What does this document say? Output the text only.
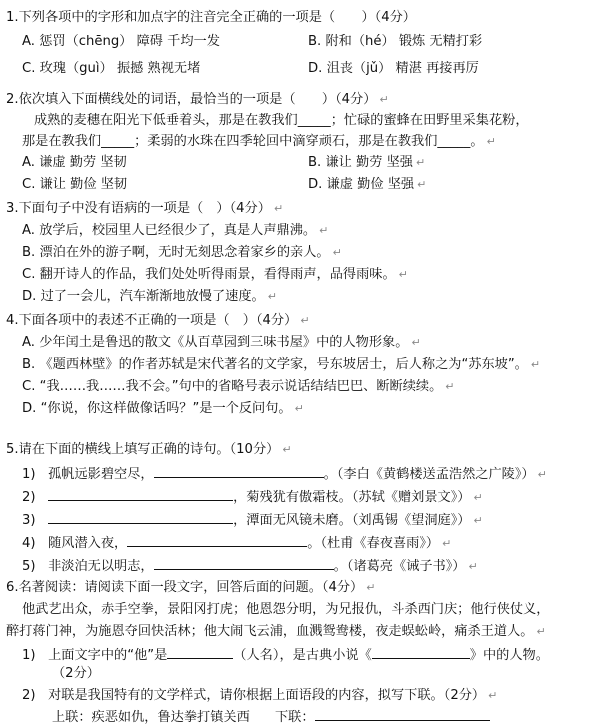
1.下列各项中的字形和加点字的注音完全正确的一项是（　　）（4分）
A. 惩罚（chēng） 障碍 千均一发	B. 附和（hé） 锻炼 无精打彩
C. 玫瑰（guì） 振撼 熟视无堵	D. 沮丧（jǔ） 精湛 再接再厉
2.依次填入下面横线处的词语，最恰当的一项是（　　）（4分） ↵
成熟的麦穗在阳光下低垂着头，那是在教我们_____；忙碌的蜜蜂在田野里采集花粉，
那是在教我们_____；柔弱的水珠在四季轮回中滴穿顽石，那是在教我们_____。 ↵
A. 谦虚 勤劳 坚韧	B. 谦让 勤劳 坚强 ↵
C. 谦让 勤俭 坚韧	D. 谦虚 勤俭 坚强 ↵
3.下面句子中没有语病的一项是（　）（4分） ↵
A. 放学后，校园里人已经很少了，真是人声鼎沸。 ↵
B. 漂泊在外的游子啊，无时无刻思念着家乡的亲人。 ↵
C. 翻开诗人的作品，我们处处听得雨景，看得雨声，品得雨味。 ↵
D. 过了一会儿，汽车渐渐地放慢了速度。 ↵
4.下面各项中的表述不正确的一项是（　）（4分） ↵
A. 少年闰土是鲁迅的散文《从百草园到三味书屋》中的人物形象。 ↵
B. 《题西林壁》的作者苏轼是宋代著名的文学家，号东坡居士，后人称之为“苏东坡”。 ↵
C. “我……我……我不会。”句中的省略号表示说话结结巴巴、断断续续。 ↵
D. “你说，你这样做像话吗？”是一个反问句。 ↵
5.请在下面的横线上填写正确的诗句。（10分） ↵
1) 孤帆远影碧空尽，	。（李白《黄鹤楼送孟浩然之广陵》） ↵
2)	，菊残犹有傲霜枝。（苏轼《赠刘景文》） ↵
3)	，潭面无风镜未磨。（刘禹锡《望洞庭》） ↵
4) 随风潜入夜，	。（杜甫《春夜喜雨》） ↵
5) 非淡泊无以明志，	。（诸葛亮《诫子书》） ↵
6.名著阅读：请阅读下面一段文字，回答后面的问题。（4分） ↵
他武艺出众，赤手空拳，景阳冈打虎；他恩怨分明，为兄报仇，斗杀西门庆；他行侠仗义，
醉打蒋门神，为施恩夺回快活林；他大闹飞云浦，血溅鸳鸯楼，夜走蜈蚣岭，痛杀王道人。 ↵
1) 上面文字中的“他”是	（人名），是古典小说《	》中的人物。
（2分）
2) 对联是我国特有的文学样式，请你根据上面语段的内容，拟写下联。（2分） ↵
上联：疾恶如仇，鲁达拳打镇关西 下联：
